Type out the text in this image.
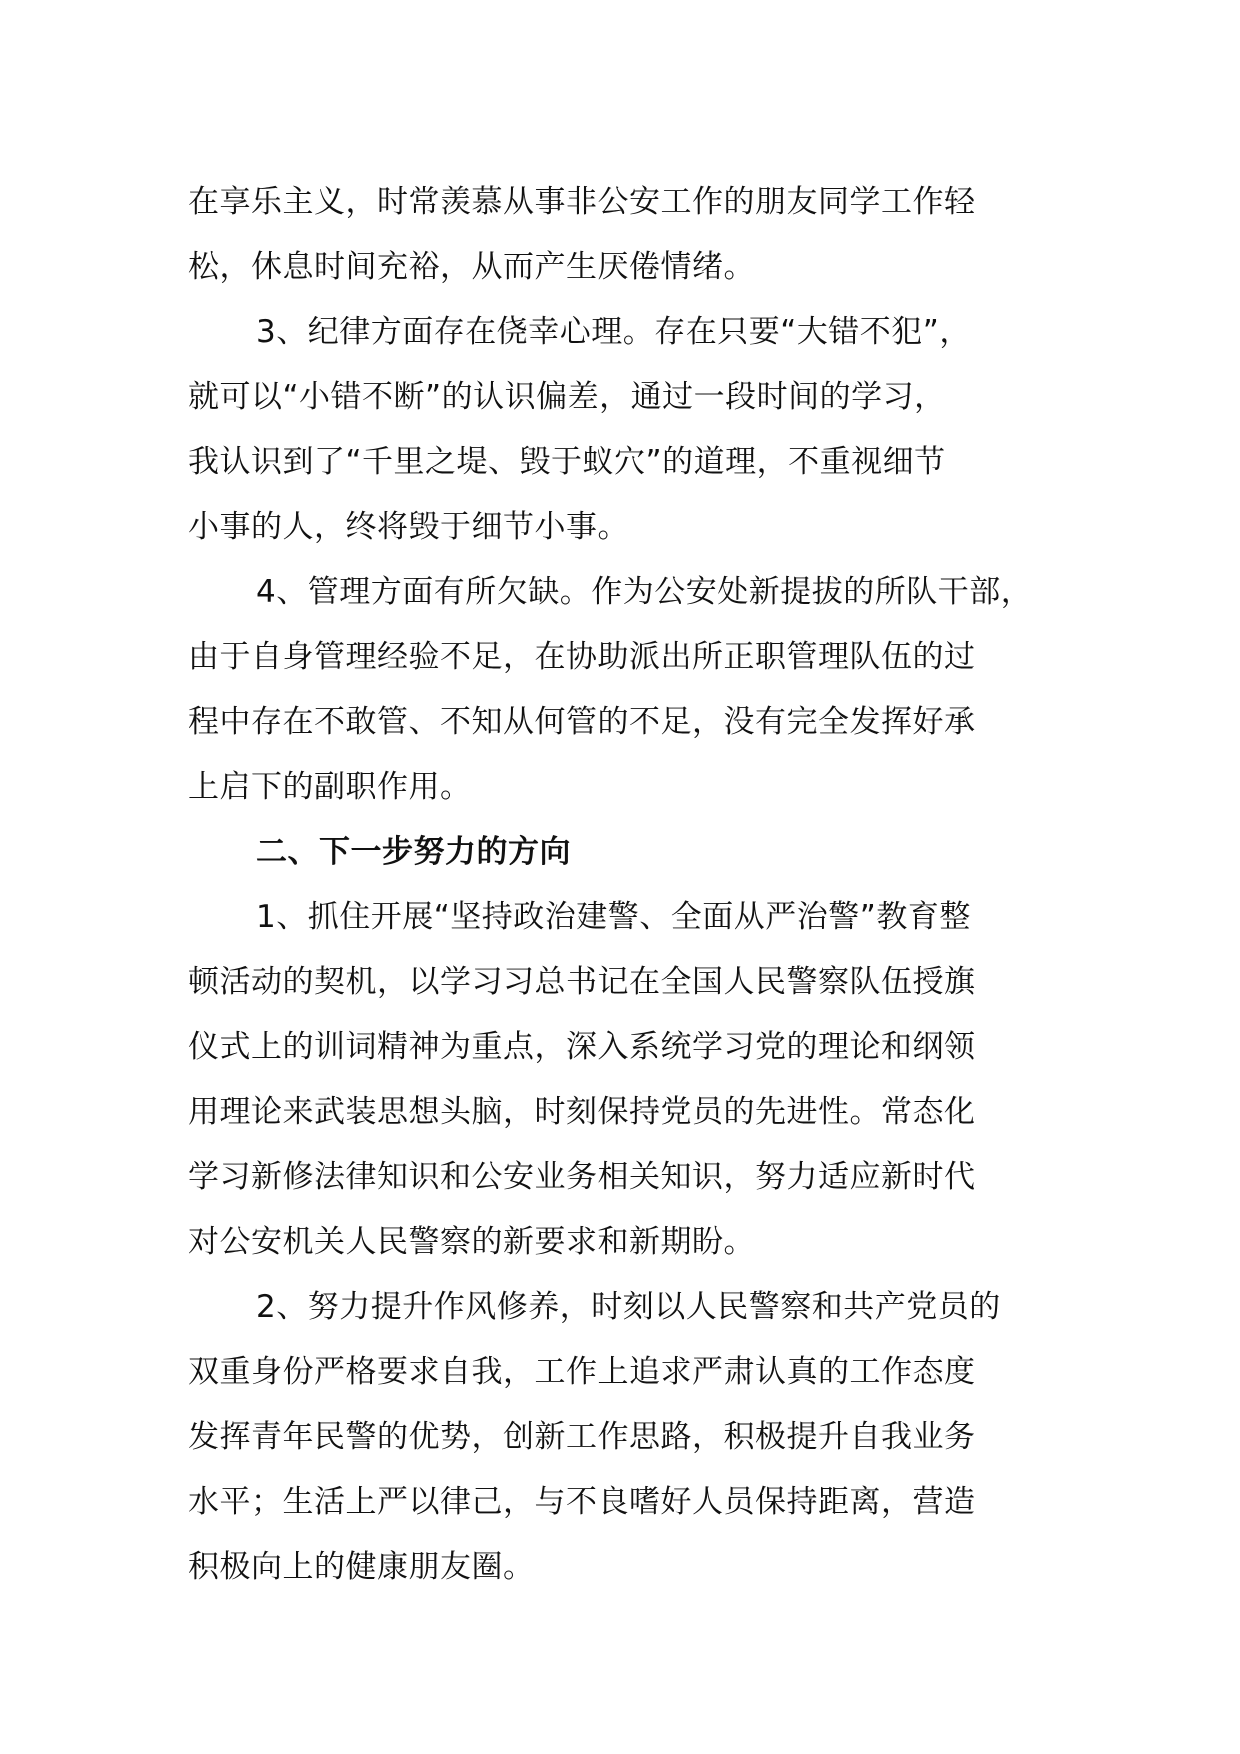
在享乐主义，时常羡慕从事非公安工作的朋友同学工作轻
松，休息时间充裕，从而产生厌倦情绪。
3、纪律方面存在侥幸心理。存在只要“大错不犯”，
就可以“小错不断”的认识偏差，通过一段时间的学习，
我认识到了“千里之堤、毁于蚁穴”的道理，不重视细节
小事的人，终将毁于细节小事。
4、管理方面有所欠缺。作为公安处新提拔的所队干部，
由于自身管理经验不足，在协助派出所正职管理队伍的过
程中存在不敢管、不知从何管的不足，没有完全发挥好承
上启下的副职作用。
二、下一步努力的方向
1、抓住开展“坚持政治建警、全面从严治警”教育整
顿活动的契机，以学习习总书记在全国人民警察队伍授旗
仪式上的训词精神为重点，深入系统学习党的理论和纲领
用理论来武装思想头脑，时刻保持党员的先进性。常态化
学习新修法律知识和公安业务相关知识，努力适应新时代
对公安机关人民警察的新要求和新期盼。
2、努力提升作风修养，时刻以人民警察和共产党员的
双重身份严格要求自我，工作上追求严肃认真的工作态度
发挥青年民警的优势，创新工作思路，积极提升自我业务
水平；生活上严以律己，与不良嗜好人员保持距离，营造
积极向上的健康朋友圈。
